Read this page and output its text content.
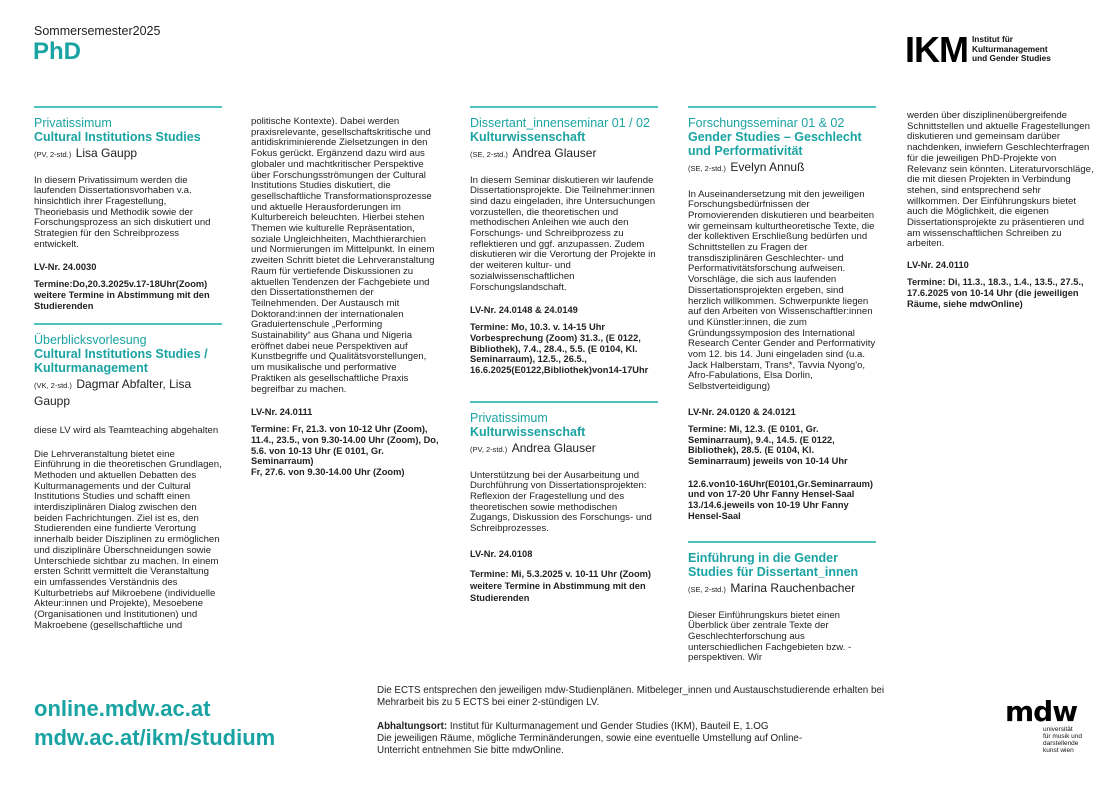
Sommersemester2025
PhD	IKM Institut für
Kulturmanagement
und Gender Studies
Privatissimum
Cultural Institutions Studies
(PV, 2-std.) Lisa Gaupp
In diesem Privatissimum werden die laufenden Dissertationsvorhaben v.a. hinsichtlich ihrer Fragestellung, Theoriebasis und Methodik sowie der Forschungsprozess an sich diskutiert und Strategien für den Schreibprozess entwickelt.
LV-Nr. 24.0030
Termine:Do,20.3.2025v.17-18Uhr(Zoom) weitere Termine in Abstimmung mit den Studierenden
Überblicksvorlesung
Cultural Institutions Studies / Kulturmanagement
(VK, 2-std.) Dagmar Abfalter, Lisa Gaupp
diese LV wird als Teamteaching abgehalten
Die Lehrveranstaltung bietet eine Einführung in die theoretischen Grundlagen, Methoden und aktuellen Debatten des Kulturmanagements und der Cultural Institutions Studies und schafft einen interdisziplinären Dialog zwischen den beiden Fachrichtungen. Ziel ist es, den Studierenden eine fundierte Verortung innerhalb beider Disziplinen zu ermöglichen und disziplinäre Überschneidungen sowie Unterschiede sichtbar zu machen. In einem ersten Schritt vermittelt die Veranstaltung ein umfassendes Verständnis des Kulturbetriebs auf Mikroebene (individuelle Akteur:innen und Projekte), Mesoebene (Organisationen und Institutionen) und Makroebene (gesellschaftliche und
politische Kontexte). Dabei werden praxisrelevante, gesellschaftskritische und antidiskriminierende Zielsetzungen in den Fokus gerückt. Ergänzend dazu wird aus globaler und machtkritischer Perspektive über Forschungsströmungen der Cultural Institutions Studies diskutiert, die gesellschaftliche Transformationsprozesse und aktuelle Herausforderungen im Kulturbereich beleuchten. Hierbei stehen Themen wie kulturelle Repräsentation, soziale Ungleichheiten, Machthierarchien und Normierungen im Mittelpunkt. In einem zweiten Schritt bietet die Lehrveranstaltung Raum für vertiefende Diskussionen zu aktuellen Tendenzen der Fachgebiete und den Dissertationsthemen der Teilnehmenden. Der Austausch mit Doktorand:innen der internationalen Graduiertenschule „Performing Sustainability“ aus Ghana und Nigeria eröffnet dabei neue Perspektiven auf Kunstbegriffe und Qualitätsvorstellungen, um musikalische und performative Praktiken als gesellschaftliche Praxis begreifbar zu machen.
LV-Nr. 24.0111
Termine: Fr, 21.3. von 10-12 Uhr (Zoom), 11.4., 23.5., von 9.30-14.00 Uhr (Zoom), Do, 5.6. von 10-13 Uhr (E 0101, Gr. Seminarraum)
Fr, 27.6. von 9.30-14.00 Uhr (Zoom)
Dissertant_innenseminar 01 / 02
Kulturwissenschaft
(SE, 2-std.) Andrea Glauser
In diesem Seminar diskutieren wir laufende Dissertationsprojekte. Die Teilnehmer:innen sind dazu eingeladen, ihre Untersuchungen vorzustellen, die theoretischen und methodischen Anleihen wie auch den Forschungs- und Schreibprozess zu reflektieren und ggf. anzupassen. Zudem diskutieren wir die Verortung der Projekte in der weiteren kultur- und sozialwissenschaftlichen Forschungslandschaft.
LV-Nr. 24.0148 & 24.0149
Termine: Mo, 10.3. v. 14-15 Uhr Vorbesprechung (Zoom) 31.3., (E 0122, Bibliothek), 7.4., 28.4., 5.5. (E 0104, Kl. Seminarraum), 12.5., 26.5., 16.6.2025(E0122,Bibliothek)von14-17Uhr
Privatissimum
Kulturwissenschaft
(PV, 2-std.) Andrea Glauser
Unterstützung bei der Ausarbeitung und Durchführung von Dissertationsprojekten: Reflexion der Fragestellung und des theoretischen sowie methodischen Zugangs, Diskussion des Forschungs- und Schreibprozesses.
LV-Nr. 24.0108
Termine: Mi, 5.3.2025 v. 10-11 Uhr (Zoom) weitere Termine in Abstimmung mit den Studierenden
Forschungsseminar 01 & 02
Gender Studies – Geschlecht und Performativität
(SE, 2-std.) Evelyn Annuß
In Auseinandersetzung mit den jeweiligen Forschungsbedürfnissen der Promovierenden diskutieren und bearbeiten wir gemeinsam kulturtheoretische Texte, die der kollektiven Erschließung bedürfen und Schnittstellen zu Fragen der transdisziplinären Geschlechter- und Performativitätsforschung aufweisen. Vorschläge, die sich aus laufenden Dissertationsprojekten ergeben, sind herzlich willkommen. Schwerpunkte liegen auf den Arbeiten von Wissenschaftler:innen und Künstler:innen, die zum Gründungssymposion des International Research Center Gender and Performativity vom 12. bis 14. Juni eingeladen sind (u.a. Jack Halberstam, Trans*, Tavvia Nyong'o, Afro-Fabulations, Elsa Dorlin, Selbstverteidigung)
LV-Nr. 24.0120 & 24.0121
Termine: Mi, 12.3. (E 0101, Gr. Seminarraum), 9.4., 14.5. (E 0122, Bibliothek), 28.5. (E 0104, Kl. Seminarraum) jeweils von 10-14 Uhr
12.6.von10-16Uhr(E0101,Gr.Seminarraum) und von 17-20 Uhr Fanny Hensel-Saal 13./14.6.jeweils von 10-19 Uhr Fanny Hensel-Saal
Einführung in die Gender Studies für Dissertant_innen
(SE, 2-std.) Marina Rauchenbacher
Dieser Einführungskurs bietet einen Überblick über zentrale Texte der Geschlechterforschung aus unterschiedlichen Fachgebieten bzw. -perspektiven. Wir
werden über disziplinenübergreifende Schnittstellen und aktuelle Fragestellungen diskutieren und gemeinsam darüber nachdenken, inwiefern Geschlechterfragen für die jeweiligen PhD-Projekte von Relevanz sein könnten. Literaturvorschläge, die mit diesen Projekten in Verbindung stehen, sind entsprechend sehr willkommen. Der Einführungskurs bietet auch die Möglichkeit, die eigenen Dissertationsprojekte zu präsentieren und am wissenschaftlichen Schreiben zu arbeiten.
LV-Nr. 24.0110
Termine: Di, 11.3., 18.3., 1.4., 13.5., 27.5., 17.6.2025 von 10-14 Uhr (die jeweiligen Räume, siehe mdwOnline)
online.mdw.ac.at
mdw.ac.at/ikm/studium

Die ECTS entsprechen den jeweiligen mdw-Studienplänen. Mitbeleger_innen und Austauschstudierende erhalten bei Mehrarbeit bis zu 5 ECTS bei einer 2-stündigen LV.

Abhaltungsort: Institut für Kulturmanagement und Gender Studies (IKM), Bauteil E, 1.OG
Die jeweiligen Räume, mögliche Terminänderungen, sowie eine eventuelle Umstellung auf Online-Unterricht entnehmen Sie bitte mdwOnline.
mdw
universität
für musik und
darstellende
kunst wien
